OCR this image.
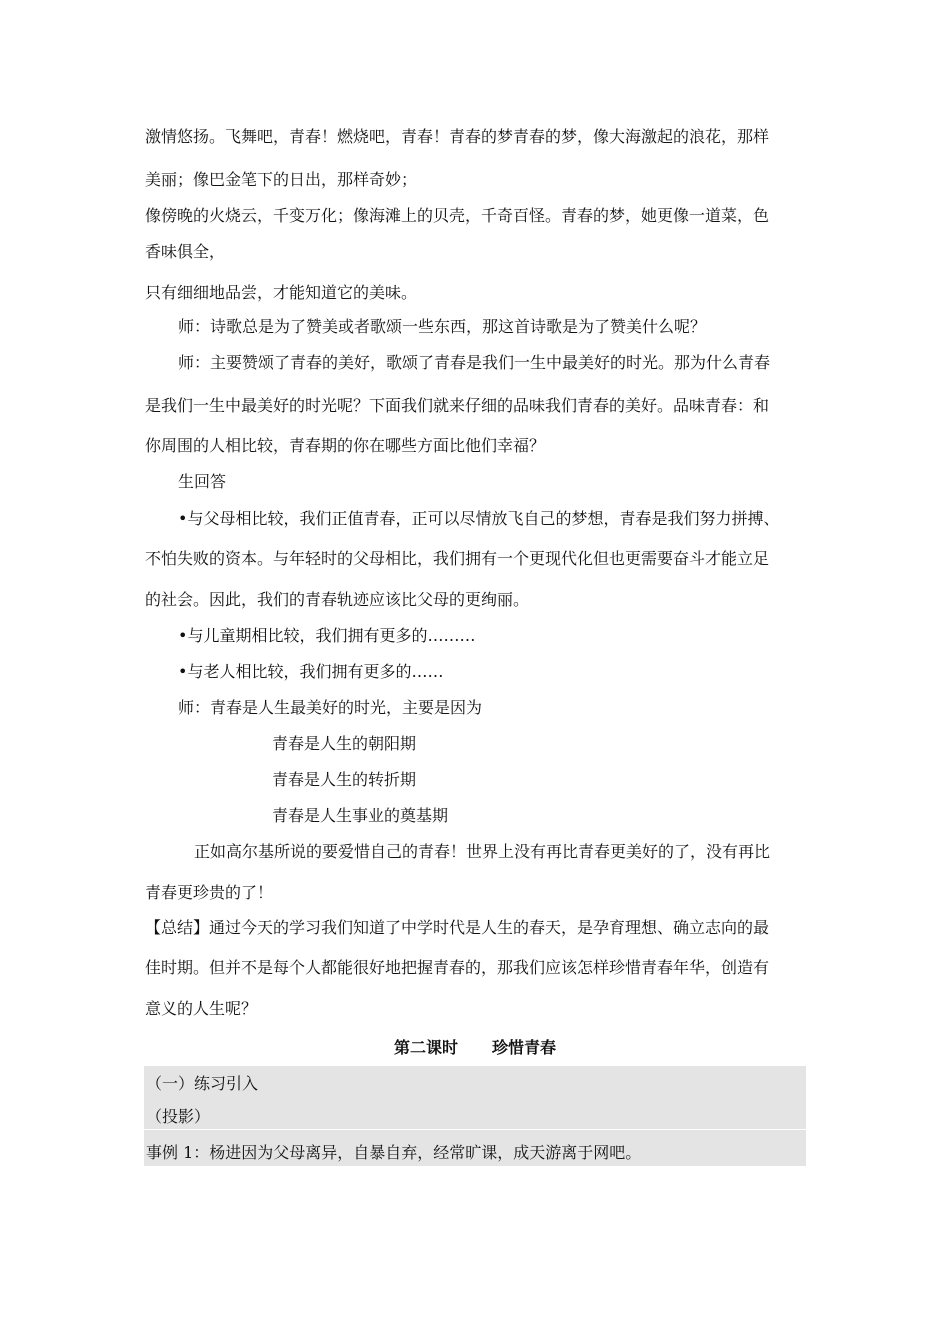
激情悠扬。飞舞吧，青春！燃烧吧，青春！青春的梦青春的梦，像大海激起的浪花，那样

美丽；像巴金笔下的日出，那样奇妙；

像傍晚的火烧云，千变万化；像海滩上的贝壳，千奇百怪。青春的梦，她更像一道菜，色

香味俱全，

只有细细地品尝，才能知道它的美味。

师：诗歌总是为了赞美或者歌颂一些东西，那这首诗歌是为了赞美什么呢？

师：主要赞颂了青春的美好，歌颂了青春是我们一生中最美好的时光。那为什么青春

是我们一生中最美好的时光呢？下面我们就来仔细的品味我们青春的美好。品味青春：和

你周围的人相比较，青春期的你在哪些方面比他们幸福？

生回答

•与父母相比较，我们正值青春，正可以尽情放飞自己的梦想，青春是我们努力拼搏、

不怕失败的资本。与年轻时的父母相比，我们拥有一个更现代化但也更需要奋斗才能立足

的社会。因此，我们的青春轨迹应该比父母的更绚丽。

•与儿童期相比较，我们拥有更多的………

•与老人相比较，我们拥有更多的……

师：青春是人生最美好的时光，主要是因为

青春是人生的朝阳期

青春是人生的转折期

青春是人生事业的奠基期

正如高尔基所说的要爱惜自己的青春！世界上没有再比青春更美好的了，没有再比

青春更珍贵的了！

【总结】通过今天的学习我们知道了中学时代是人生的春天，是孕育理想、确立志向的最

佳时期。但并不是每个人都能很好地把握青春的，那我们应该怎样珍惜青春年华，创造有

意义的人生呢？

第二课时 珍惜青春

（一）练习引入
（投影）
事例 1：杨进因为父母离异，自暴自弃，经常旷课，成天游离于网吧。
